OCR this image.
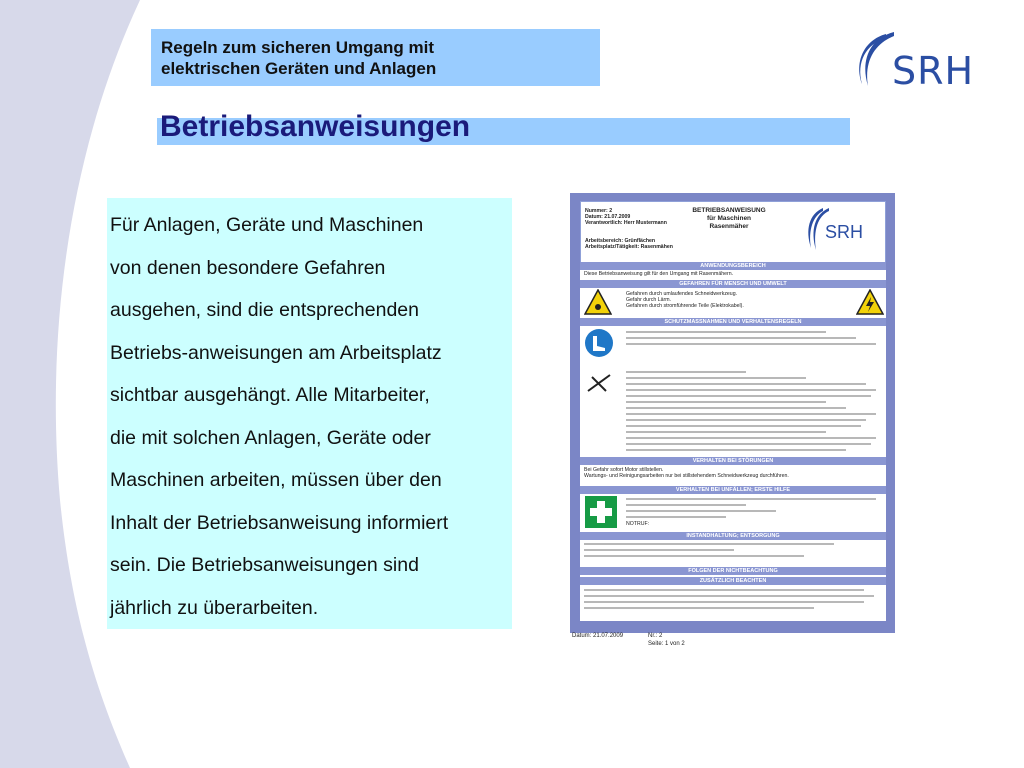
Regeln zum sicheren Umgang mit
elektrischen Geräten und Anlagen	SRH
Betriebsanweisungen
Für Anlagen, Geräte und Maschinen
von denen besondere Gefahren
ausgehen, sind die entsprechenden
Betriebs-anweisungen am Arbeitsplatz
sichtbar ausgehängt. Alle Mitarbeiter,
die mit solchen Anlagen, Geräte oder
Maschinen arbeiten, müssen über den
Inhalt der Betriebsanweisung informiert
sein. Die Betriebsanweisungen sind
jährlich zu überarbeiten.
Nummer: 2
Datum: 21.07.2009
Verantwortlich: Herr Mustermann
Arbeitsbereich: Grünflächen
Arbeitsplatz/Tätigkeit: Rasenmähen
BETRIEBSANWEISUNG
für Maschinen
Rasenmäher	SRH
ANWENDUNGSBEREICH
Diese Betriebsanweisung gilt für den Umgang mit Rasenmähern.
GEFAHREN FÜR MENSCH UND UMWELT
Gefahren durch umlaufendes Schneidwerkzeug.
Gefahr durch Lärm.
Gefahren durch stromführende Teile (Elektrokabel).
SCHUTZMASSNAHMEN UND VERHALTENSREGELN
VERHALTEN BEI STÖRUNGEN
Bei Gefahr sofort Motor stillstellen.
Wartungs- und Reinigungsarbeiten nur bei stillstehendem Schneidwerkzeug durchführen.
VERHALTEN BEI UNFÄLLEN; ERSTE HILFE
NOTRUF:
INSTANDHALTUNG; ENTSORGUNG
FOLGEN DER NICHTBEACHTUNG
ZUSÄTZLICH BEACHTEN
Datum: 21.07.2009	Nr.: 2
Seite: 1 von 2
